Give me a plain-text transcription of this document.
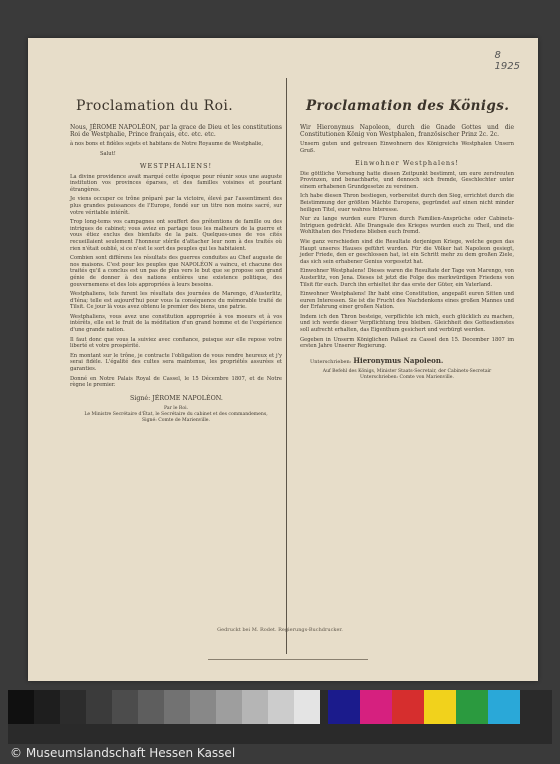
8
1925
Proclamation du Roi.
Nous, JÉROME NAPOLÉON, par la grace de Dieu et les constitutions Roi de Westphalie, Prince français, etc. etc. etc.
à nos bons et fidèles sujets et habitans de Notre Royaume de Westphalie,
Salut!
WESTPHALIENS!
La divine providence avait marqué cette époque pour réunir sous une auguste institution vos provinces éparses, et des familles voisines et pourtant étrangères.
Je viens occuper ce trône préparé par la victoire, élevé par l'assentiment des plus grandes puissances de l'Europe, fondé sur un titre non moins sacré, sur votre véritable intérêt.
Trop long-tems vos campagnes ont souffert des prétentions de famille ou des intrigues de cabinet; vous aviez en partage tous les malheurs de la guerre et vous étiez exclus des bienfaits de la paix. Quelques-unes de vos cités recueillaient seulement l'honneur stérile d'attacher leur nom à des traités où rien n'était oublié, si ce n'est le sort des peuples qui les habitaient.
Combien sont différens les résultats des guerres conduites au Chef auguste de nos maisons. C'est pour les peuples que NAPOLÉON a vaincu, et chacune des traités qu'il a conclus est un pas de plus vers le but que se propose son grand génie de donner à des nations entières une existence politique, des gouvernemens et des lois appropriées à leurs besoins.
Westphaliens, tels furent les résultats des journées de Marengo, d'Austerlitz, d'Iéna; telle est aujourd'hui pour vous la conséquence du mémorable traité de Tilsit. Ce jour là vous avez obtenu le premier des biens, une patrie.
Westphaliens, vous avez une constitution appropriée à vos moeurs et à vos intérêts, elle est le fruit de la méditation d'un grand homme et de l'expérience d'une grande nation.
Il faut donc que vous la suiviez avec confiance, puisque sur elle repose votre liberté et votre prospérité.
En montant sur le trône, je contracte l'obligation de vous rendre heureux et j'y serai fidèle. L'égalité des cultes sera maintenue, les propriétés assurées et garanties.
Donné en Notre Palais Royal de Cassel, le 15 Décembre 1807, et de Notre règne le premier.
Signé: JÉROME NAPOLÉON.
Par le Roi.
Le Ministre Secrétaire d'État, le Secrétaire du cabinet et des commandemens,
Signé: Comte de Marienville.
Proclamation des Königs.
Wir Hieronymus Napoleon, durch die Gnade Gottes und die Constitutionen König von Westphalen, französischer Prinz 2c. 2c.
Unsern guten und getreuen Einwohnern des Königreichs Westphalen Unsern Gruß.
Einwohner Westphalens!
Die göttliche Vorsehung hatte diesen Zeitpunkt bestimmt, um eure zerstreuten Provinzen, und benachbarte, und dennoch sich fremde, Geschlechter unter einem erhabenen Grundgesetze zu vereinen.
Ich habe diesen Thron bestiegen, vorbereitet durch den Sieg, errichtet durch die Beistimmung der größten Mächte Europens, gegründet auf einen nicht minder heiligen Titel, euer wahres Interesse.
Nur zu lange wurden eure Fluren durch Familien-Ansprüche oder Cabinets-Intriguen gedrückt. Alle Drangsale des Krieges wurden euch zu Theil, und die Wohlthaten des Friedens blieben euch fremd.
Wie ganz verschieden sind die Resultate derjenigen Kriege, welche gegen das Haupt unseres Hauses geführt wurden. Für die Völker hat Napoleon gesiegt, jeder Friede, den er geschlossen hat, ist ein Schritt mehr zu dem großen Ziele, das sich sein erhabener Genius vorgesetzt hat.
Einwohner Westphalens! Dieses waren die Resultate der Tage von Marengo, von Austerlitz, von Jena. Dieses ist jetzt die Folge des merkwürdigen Friedens von Tilsit für euch. Durch ihn erhieltet ihr das erste der Güter, ein Vaterland.
Einwohner Westphalens! Ihr habt eine Constitution, angepaßt euren Sitten und euren Interessen. Sie ist die Frucht des Nachdenkens eines großen Mannes und der Erfahrung einer großen Nation.
Indem ich den Thron besteige, verpflichte ich mich, euch glücklich zu machen, und ich werde dieser Verpflichtung treu bleiben. Gleichheit des Gottesdienstes soll aufrecht erhalten, das Eigenthum gesichert und verbürgt werden.
Gegeben in Unserm Königlichen Pallast zu Cassel den 15. December 1807 im ersten Jahre Unserer Regierung.
Unterschrieben: Hieronymus Napoleon.
Auf Befehl des Königs, Minister Staats-Secretair, der Cabinets-Secretair
Unterschrieben: Comte von Marienville.
Gedruckt bei M. Rodet. Regierungs-Buchdrucker.
© Museumslandschaft Hessen Kassel
